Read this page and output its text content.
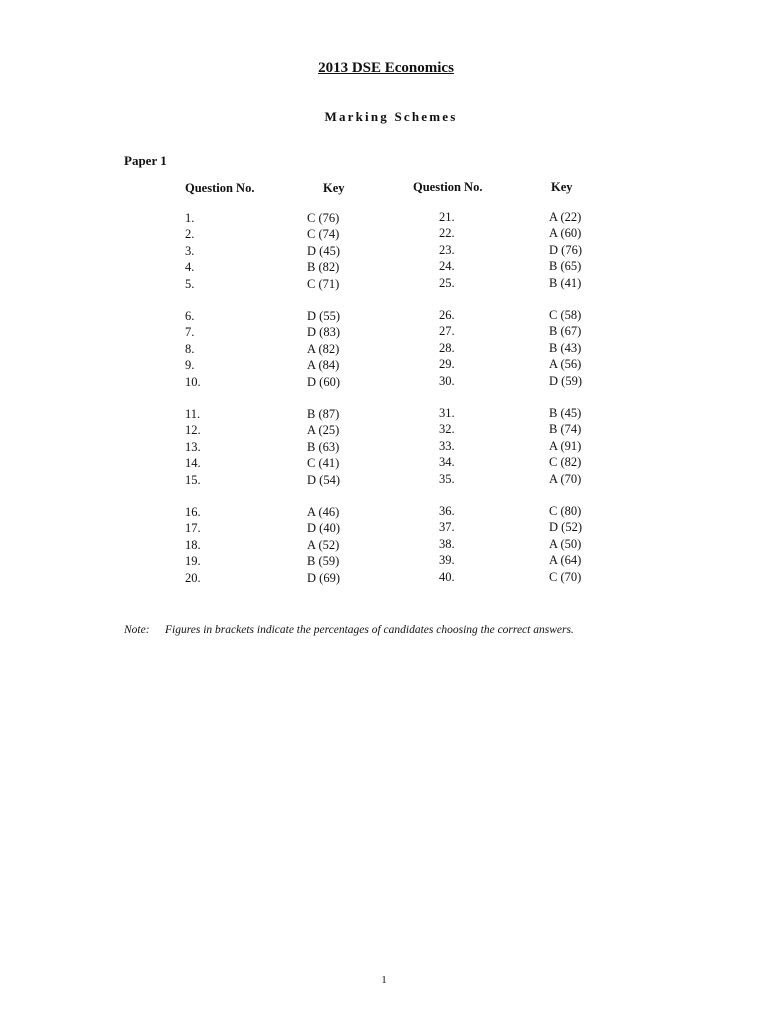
2013 DSE Economics
Marking Schemes
Paper 1
Question No.
1.
2.
3.
4.
5.
6.
7.
8.
9.
10.
11.
12.
13.
14.
15.
16.
17.
18.
19.
20.
Key
C (76)
C (74)
D (45)
B (82)
C (71)
D (55)
D (83)
A (82)
A (84)
D (60)
B (87)
A (25)
B (63)
C (41)
D (54)
A (46)
D (40)
A (52)
B (59)
D (69)
Question No.
21.
22.
23.
24.
25.
26.
27.
28.
29.
30.
31.
32.
33.
34.
35.
36.
37.
38.
39.
40.
Key
A (22)
A (60)
D (76)
B (65)
B (41)
C (58)
B (67)
B (43)
A (56)
D (59)
B (45)
B (74)
A (91)
C (82)
A (70)
C (80)
D (52)
A (50)
A (64)
C (70)
Note: Figures in brackets indicate the percentages of candidates choosing the correct answers.
1
